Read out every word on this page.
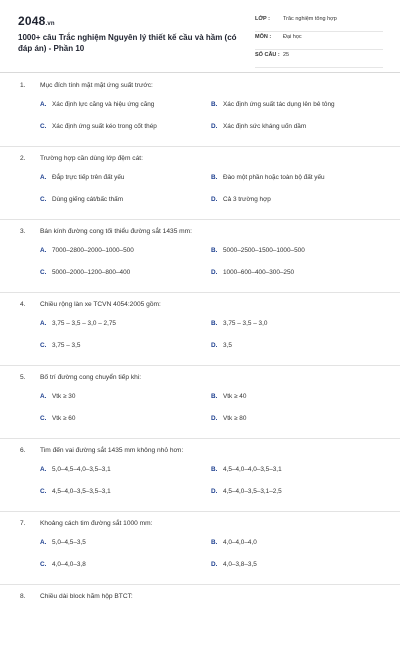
2048.vn
1000+ câu Trắc nghiệm Nguyên lý thiết kế cầu và hầm (có đáp án) - Phần 10
LỚP :	Trắc nghiệm tổng hợp
MÔN :	Đại học
SỐ CÂU : 25
1. Mục đích tính mặt mặt ứng suất trước:
A. Xác định lực căng và hiệu ứng căng	B. Xác định ứng suất tác dụng lên bê tông
C. Xác định ứng suất kéo trong cốt thép	D. Xác định sức kháng uốn dầm
2. Trường hợp cần dùng lớp đệm cát:
A. Đắp trực tiếp trên đất yếu	B. Đào một phần hoặc toàn bộ đất yếu
C. Dùng giếng cát/bấc thấm	D. Cả 3 trường hợp
3. Bán kính đường cong tối thiểu đường sắt 1435 mm:
A. 7000–2800–2000–1000–500	B. 5000–2500–1500–1000–500
C. 5000–2000–1200–800–400	D. 1000–600–400–300–250
4. Chiều rộng làn xe TCVN 4054:2005 gồm:
A. 3,75 – 3,5 – 3,0 – 2,75	B. 3,75 – 3,5 – 3,0
C. 3,75 – 3,5	D. 3,5
5. Bố trí đường cong chuyển tiếp khi:
A. Vtk ≥ 30	B. Vtk ≥ 40
C. Vtk ≥ 60	D. Vtk ≥ 80
6. Tim đến vai đường sắt 1435 mm không nhỏ hơn:
A. 5,0–4,5–4,0–3,5–3,1	B. 4,5–4,0–4,0–3,5–3,1
C. 4,5–4,0–3,5–3,5–3,1	D. 4,5–4,0–3,5–3,1–2,5
7. Khoảng cách tim đường sắt 1000 mm:
A. 5,0–4,5–3,5	B. 4,0–4,0–4,0
C. 4,0–4,0–3,8	D. 4,0–3,8–3,5
8. Chiều dài block hãm hộp BTCT:
